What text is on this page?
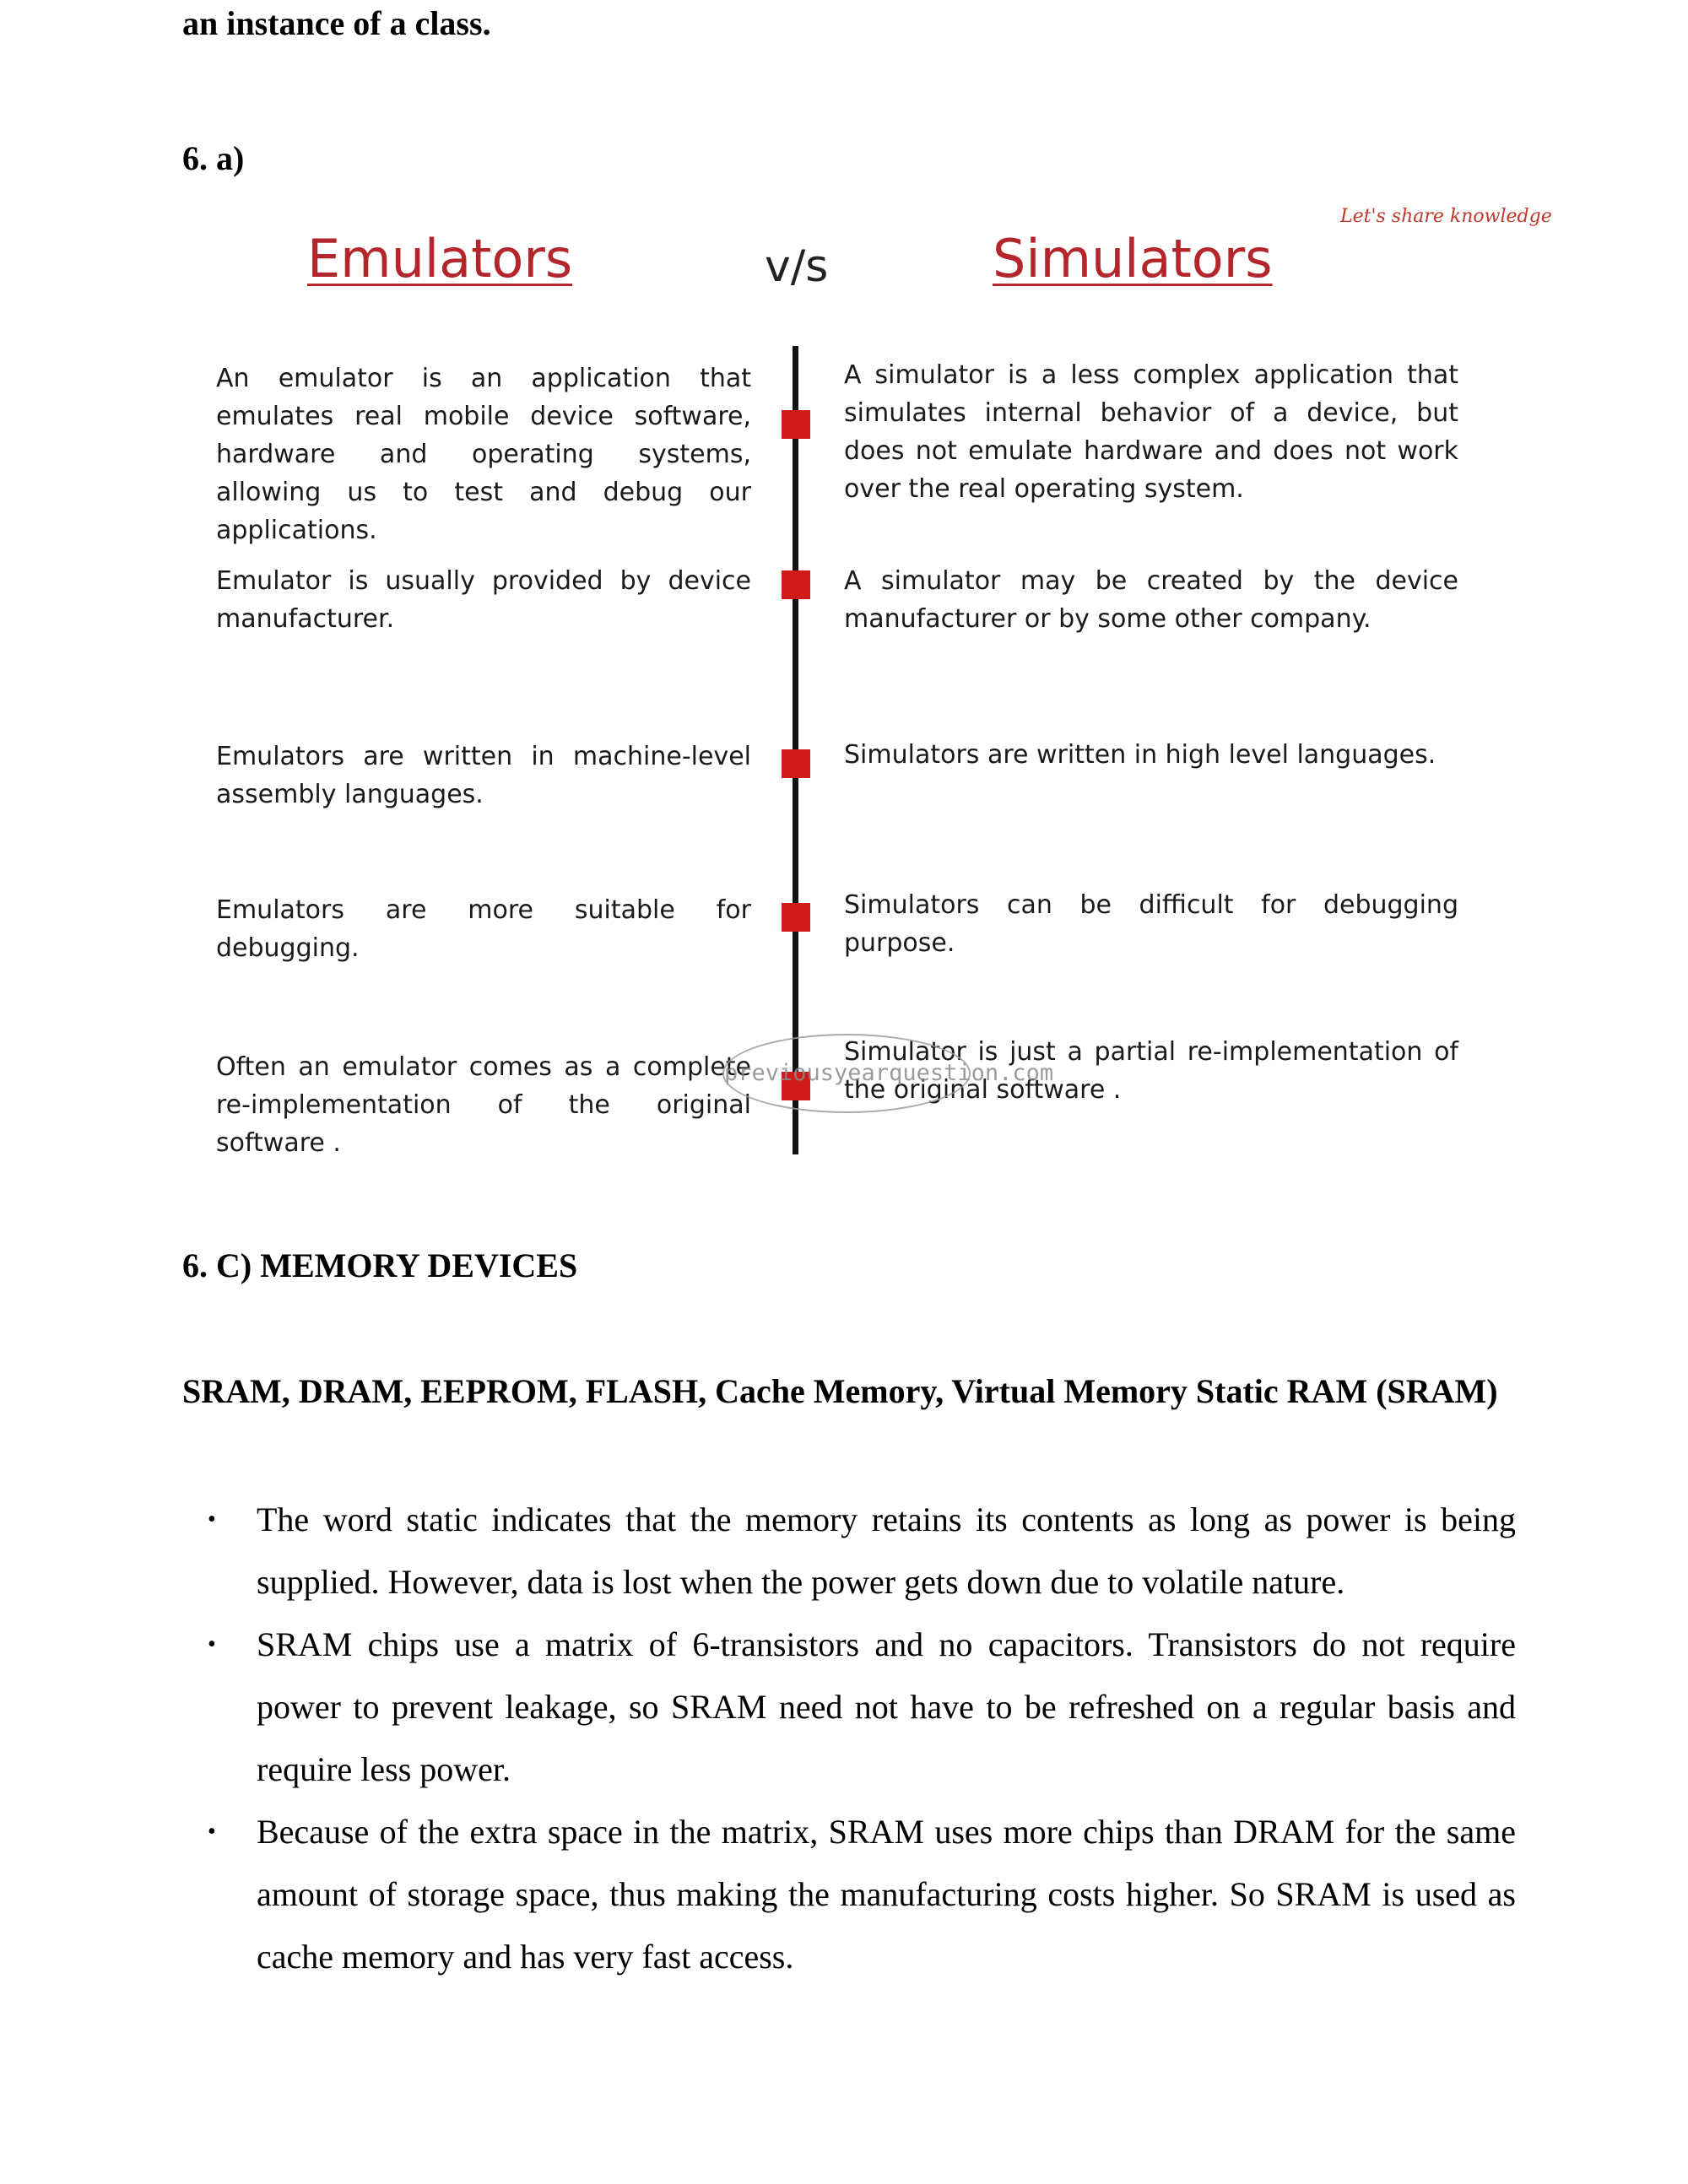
an instance of a class.
6. a)
Let's share knowledge
Emulators	v/s	Simulators
An emulator is an application that emulates real mobile device software, hardware and operating systems, allowing us to test and debug our applications.
A simulator is a less complex application that simulates internal behavior of a device, but does not emulate hardware and does not work over the real operating system.
Emulator is usually provided by device manufacturer.
A simulator may be created by the device manufacturer or by some other company.
Emulators are written in machine-level assembly languages.
Simulators are written in high level languages.
Emulators are more suitable for debugging.
Simulators can be difficult for debugging purpose.
Often an emulator comes as a complete re-implementation of the original software .
Simulator is just a partial re-implementation of the original software .
previousyearquestion.com
6. C) MEMORY DEVICES
SRAM, DRAM, EEPROM, FLASH, Cache Memory, Virtual Memory Static RAM (SRAM)
• The word static indicates that the memory retains its contents as long as power is being supplied. However, data is lost when the power gets down due to volatile nature.
• SRAM chips use a matrix of 6-transistors and no capacitors. Transistors do not require power to prevent leakage, so SRAM need not have to be refreshed on a regular basis and require less power.
• Because of the extra space in the matrix, SRAM uses more chips than DRAM for the same amount of storage space, thus making the manufacturing costs higher. So SRAM is used as cache memory and has very fast access.
